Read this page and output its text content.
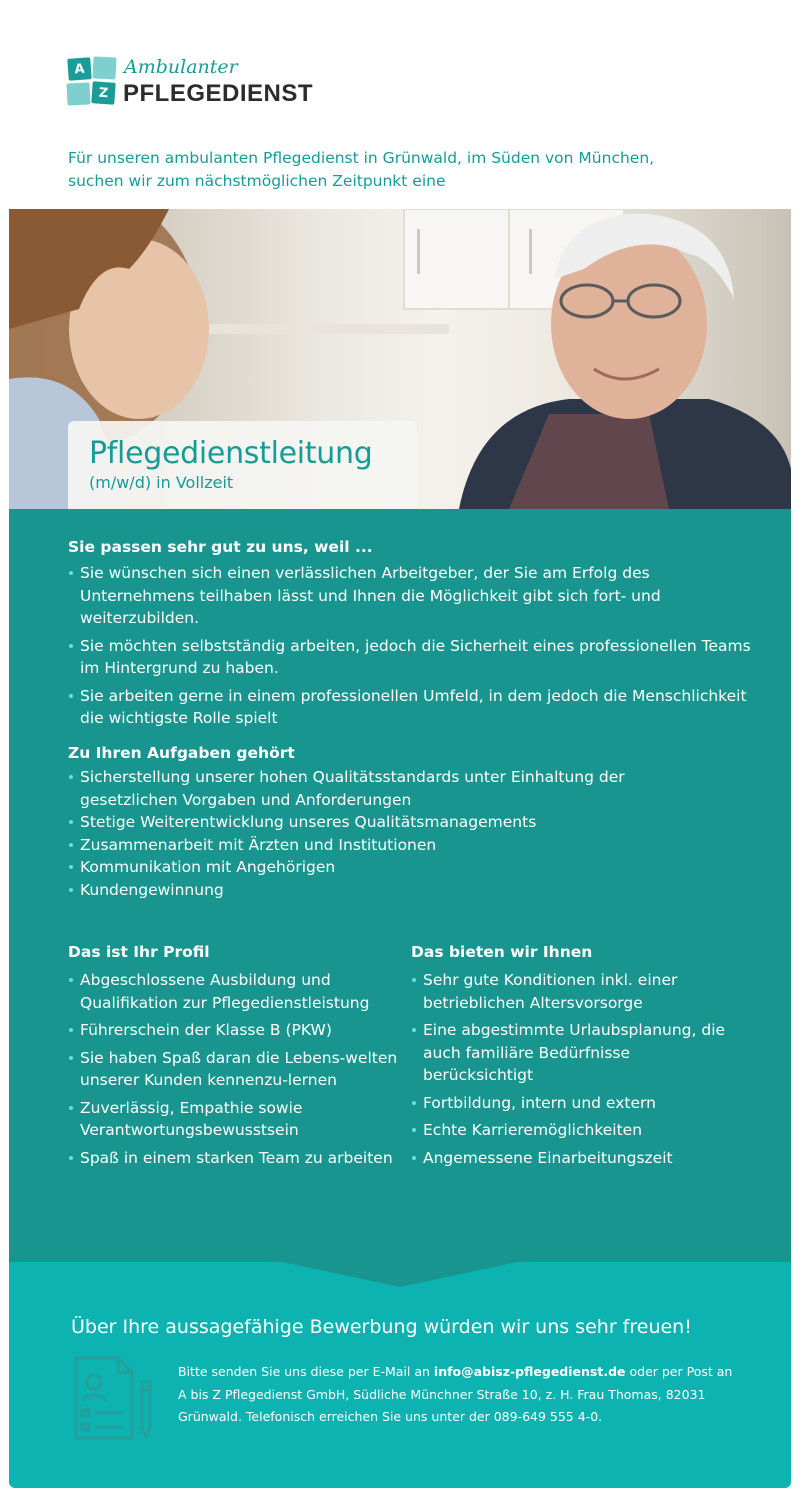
A
Z
Ambulanter
PFLEGEDIENST
Für unseren ambulanten Pflegedienst in Grünwald, im Süden von München,
suchen wir zum nächstmöglichen Zeitpunkt eine
Pflegedienstleitung
(m/w/d) in Vollzeit
Sie passen sehr gut zu uns, weil ...
Sie wünschen sich einen verlässlichen Arbeitgeber, der Sie am Erfolg des Unternehmens teilhaben lässt und Ihnen die Möglichkeit gibt sich fort- und weiterzubilden.
Sie möchten selbstständig arbeiten, jedoch die Sicherheit eines professionellen Teams im Hintergrund zu haben.
Sie arbeiten gerne in einem professionellen Umfeld, in dem jedoch die Menschlichkeit die wichtigste Rolle spielt
Zu Ihren Aufgaben gehört
Sicherstellung unserer hohen Qualitätsstandards unter Einhaltung der gesetzlichen Vorgaben und Anforderungen
Stetige Weiterentwicklung unseres Qualitätsmanagements
Zusammenarbeit mit Ärzten und Institutionen
Kommunikation mit Angehörigen
Kundengewinnung
Das ist Ihr Profil
Abgeschlossene Ausbildung und Qualifikation zur Pflegedienstleistung
Führerschein der Klasse B (PKW)
Sie haben Spaß daran die Lebens-welten unserer Kunden kennenzu-lernen
Zuverlässig, Empathie sowie Verantwortungsbewusstsein
Spaß in einem starken Team zu arbeiten
Das bieten wir Ihnen
Sehr gute Konditionen inkl. einer betrieblichen Altersvorsorge
Eine abgestimmte Urlaubsplanung, die auch familiäre Bedürfnisse berücksichtigt
Fortbildung, intern und extern
Echte Karrieremöglichkeiten
Angemessene Einarbeitungszeit
Über Ihre aussagefähige Bewerbung würden wir uns sehr freuen!
Bitte senden Sie uns diese per E-Mail an info@abisz-pflegedienst.de oder per Post an A bis Z Pflegedienst GmbH, Südliche Münchner Straße 10, z. H. Frau Thomas, 82031 Grünwald. Telefonisch erreichen Sie uns unter der 089-649 555 4-0.
